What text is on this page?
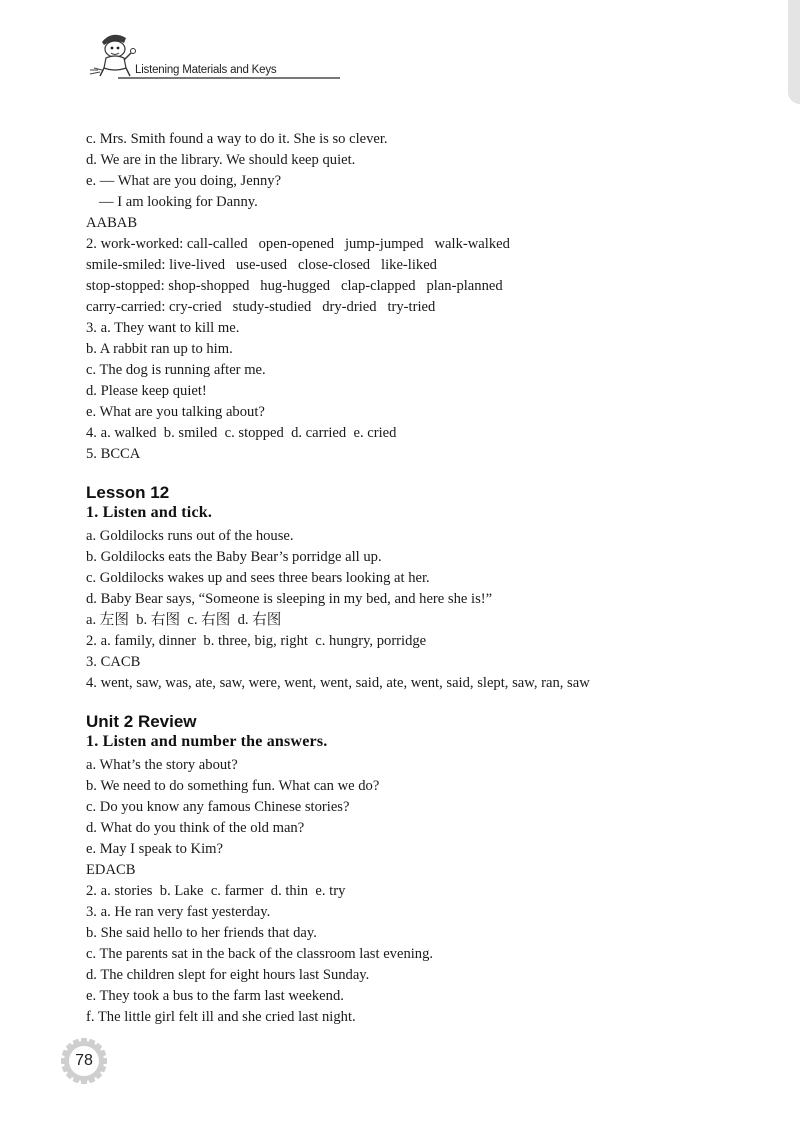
Listening Materials and Keys
c. Mrs. Smith found a way to do it. She is so clever.
d. We are in the library. We should keep quiet.
e. — What are you doing, Jenny?
— I am looking for Danny.
AABAB
2. work-worked: call-called   open-opened   jump-jumped   walk-walked
smile-smiled: live-lived   use-used   close-closed   like-liked
stop-stopped: shop-shopped   hug-hugged   clap-clapped   plan-planned
carry-carried: cry-cried   study-studied   dry-dried   try-tried
3. a. They want to kill me.
b. A rabbit ran up to him.
c. The dog is running after me.
d. Please keep quiet!
e. What are you talking about?
4. a. walked  b. smiled  c. stopped  d. carried  e. cried
5. BCCA
Lesson 12
1. Listen and tick.
a. Goldilocks runs out of the house.
b. Goldilocks eats the Baby Bear’s porridge all up.
c. Goldilocks wakes up and sees three bears looking at her.
d. Baby Bear says, “Someone is sleeping in my bed, and here she is!”
a. 左图  b. 右图  c. 右图  d. 右图
2. a. family, dinner  b. three, big, right  c. hungry, porridge
3. CACB
4. went, saw, was, ate, saw, were, went, went, said, ate, went, said, slept, saw, ran, saw
Unit 2 Review
1. Listen and number the answers.
a. What’s the story about?
b. We need to do something fun. What can we do?
c. Do you know any famous Chinese stories?
d. What do you think of the old man?
e. May I speak to Kim?
EDACB
2. a. stories  b. Lake  c. farmer  d. thin  e. try
3. a. He ran very fast yesterday.
b. She said hello to her friends that day.
c. The parents sat in the back of the classroom last evening.
d. The children slept for eight hours last Sunday.
e. They took a bus to the farm last weekend.
f. The little girl felt ill and she cried last night.
78
